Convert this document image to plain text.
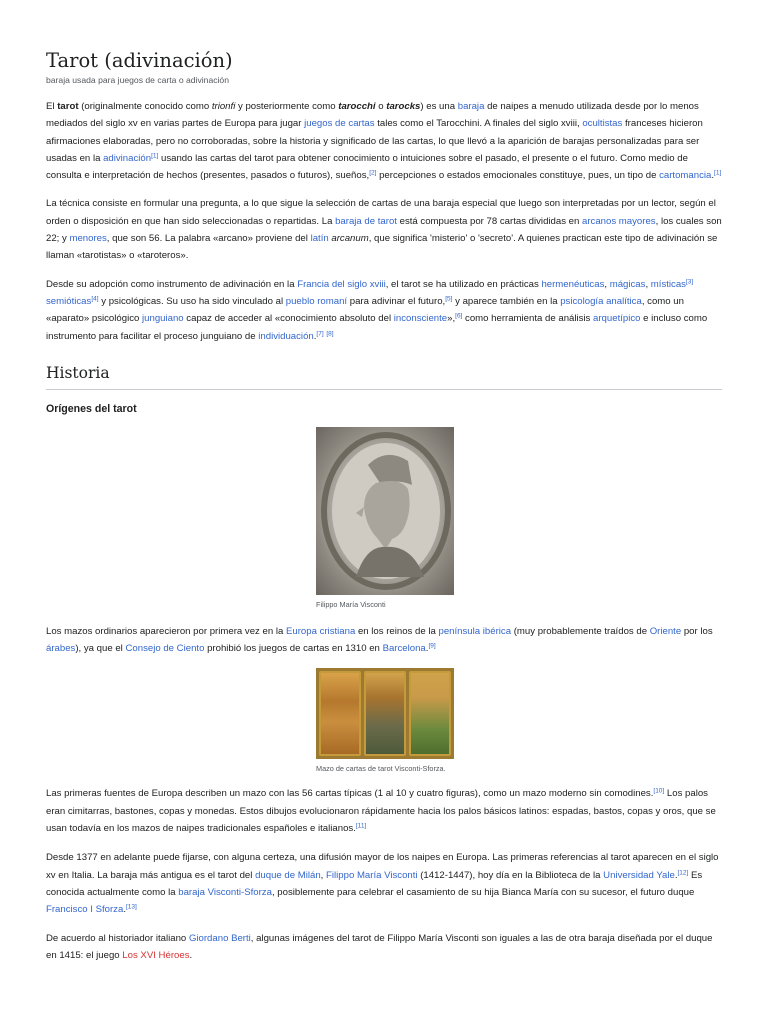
Tarot (adivinación)
baraja usada para juegos de carta o adivinación

El tarot (originalmente conocido como trionfi y posteriormente como tarocchi o tarocks) es una baraja de naipes a menudo utilizada desde por lo menos mediados del siglo xv en varias partes de Europa para jugar juegos de cartas tales como el Tarocchini. A finales del siglo xviii, ocultistas franceses hicieron afirmaciones elaboradas, pero no corroboradas, sobre la historia y significado de las cartas, lo que llevó a la aparición de barajas personalizadas para ser usadas en la adivinación[1] usando las cartas del tarot para obtener conocimiento o intuiciones sobre el pasado, el presente o el futuro. Como medio de consulta e interpretación de hechos (presentes, pasados o futuros), sueños,[2] percepciones o estados emocionales constituye, pues, un tipo de cartomancia.[1]

La técnica consiste en formular una pregunta, a lo que sigue la selección de cartas de una baraja especial que luego son interpretadas por un lector, según el orden o disposición en que han sido seleccionadas o repartidas. La baraja de tarot está compuesta por 78 cartas divididas en arcanos mayores, los cuales son 22; y menores, que son 56. La palabra «arcano» proviene del latín arcanum, que significa 'misterio' o 'secreto'. A quienes practican este tipo de adivinación se llaman «tarotistas» o «taroteros».

Desde su adopción como instrumento de adivinación en la Francia del siglo xviii, el tarot se ha utilizado en prácticas hermenéuticas, mágicas, místicas[3] semióticas[4] y psicológicas. Su uso ha sido vinculado al pueblo romaní para adivinar el futuro,[5] y aparece también en la psicología analítica, como un «aparato» psicológico junguiano capaz de acceder al «conocimiento absoluto del inconsciente»,[6] como herramienta de análisis arquetípico e incluso como instrumento para facilitar el proceso junguiano de individuación.[7] [8]

Historia
Orígenes del tarot
Filippo María Visconti

Los mazos ordinarios aparecieron por primera vez en la Europa cristiana en los reinos de la península ibérica (muy probablemente traídos de Oriente por los árabes), ya que el Consejo de Ciento prohibió los juegos de cartas en 1310 en Barcelona.[9]

Mazo de cartas de tarot Visconti-Sforza.

Las primeras fuentes de Europa describen un mazo con las 56 cartas típicas (1 al 10 y cuatro figuras), como un mazo moderno sin comodines.[10] Los palos eran cimitarras, bastones, copas y monedas. Estos dibujos evolucionaron rápidamente hacia los palos básicos latinos: espadas, bastos, copas y oros, que se usan todavía en los mazos de naipes tradicionales españoles e italianos.[11]

Desde 1377 en adelante puede fijarse, con alguna certeza, una difusión mayor de los naipes en Europa. Las primeras referencias al tarot aparecen en el siglo xv en Italia. La baraja más antigua es el tarot del duque de Milán, Filippo María Visconti (1412-1447), hoy día en la Biblioteca de la Universidad Yale.[12] Es conocida actualmente como la baraja Visconti-Sforza, posiblemente para celebrar el casamiento de su hija Bianca María con su sucesor, el futuro duque Francisco I Sforza.[13]

De acuerdo al historiador italiano Giordano Berti, algunas imágenes del tarot de Filippo María Visconti son iguales a las de otra baraja diseñada por el duque en 1415: el juego Los XVI Héroes.
